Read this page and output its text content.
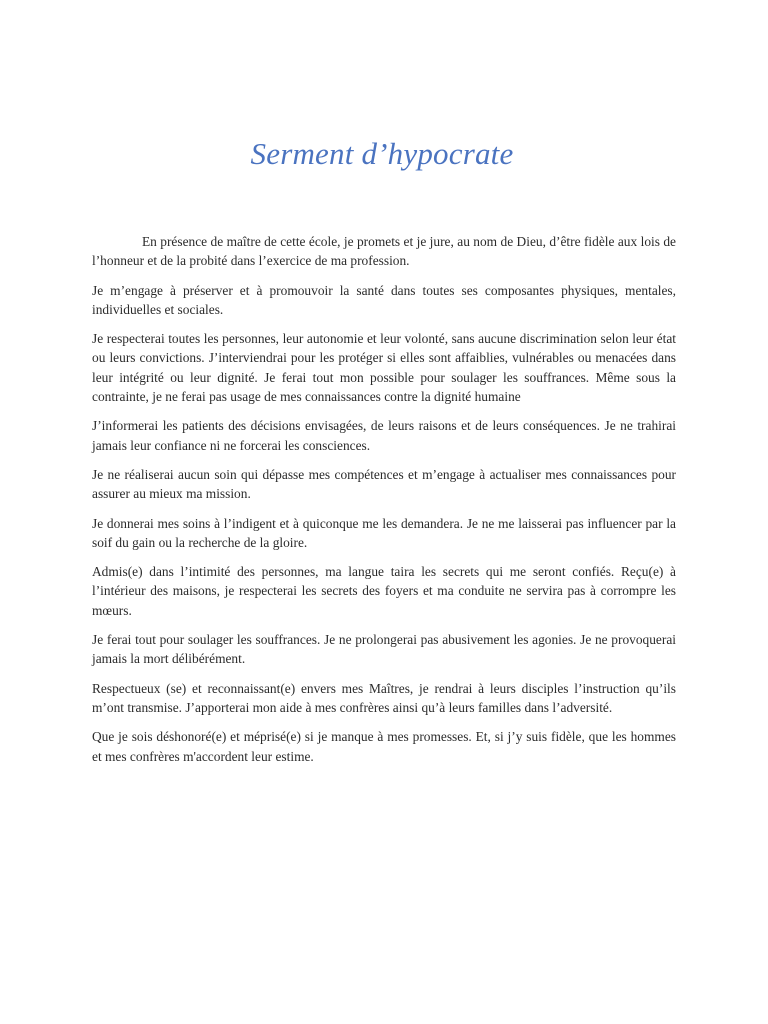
Serment d’hypocrate

En présence de maître de cette école, je promets et je jure, au nom de Dieu, d’être fidèle aux lois de l’honneur et de la probité dans l’exercice de ma profession.

Je m’engage à préserver et à promouvoir la santé dans toutes ses composantes physiques, mentales, individuelles et sociales.

Je respecterai toutes les personnes, leur autonomie et leur volonté, sans aucune discrimination selon leur état ou leurs convictions. J’interviendrai pour les protéger si elles sont affaiblies, vulnérables ou menacées dans leur intégrité ou leur dignité. Je ferai tout mon possible pour soulager les souffrances. Même sous la contrainte, je ne ferai pas usage de mes connaissances contre la dignité humaine

J’informerai les patients des décisions envisagées, de leurs raisons et de leurs conséquences. Je ne trahirai jamais leur confiance ni ne forcerai les consciences.

Je ne réaliserai aucun soin qui dépasse mes compétences et m’engage à actualiser mes connaissances pour assurer au mieux ma mission.

Je donnerai mes soins à l’indigent et à quiconque me les demandera. Je ne me laisserai pas influencer par la soif du gain ou la recherche de la gloire.

Admis(e) dans l’intimité des personnes, ma langue taira les secrets qui me seront confiés. Reçu(e) à l’intérieur des maisons, je respecterai les secrets des foyers et ma conduite ne servira pas à corrompre les mœurs.

Je ferai tout pour soulager les souffrances. Je ne prolongerai pas abusivement les agonies. Je ne provoquerai jamais la mort délibérément.

Respectueux (se) et reconnaissant(e) envers mes Maîtres, je rendrai à leurs disciples l’instruction qu’ils m’ont transmise. J’apporterai mon aide à mes confrères ainsi qu’à leurs familles dans l’adversité.

Que je sois déshonoré(e) et méprisé(e) si je manque à mes promesses. Et, si j’y suis fidèle, que les hommes et mes confrères m'accordent leur estime.
